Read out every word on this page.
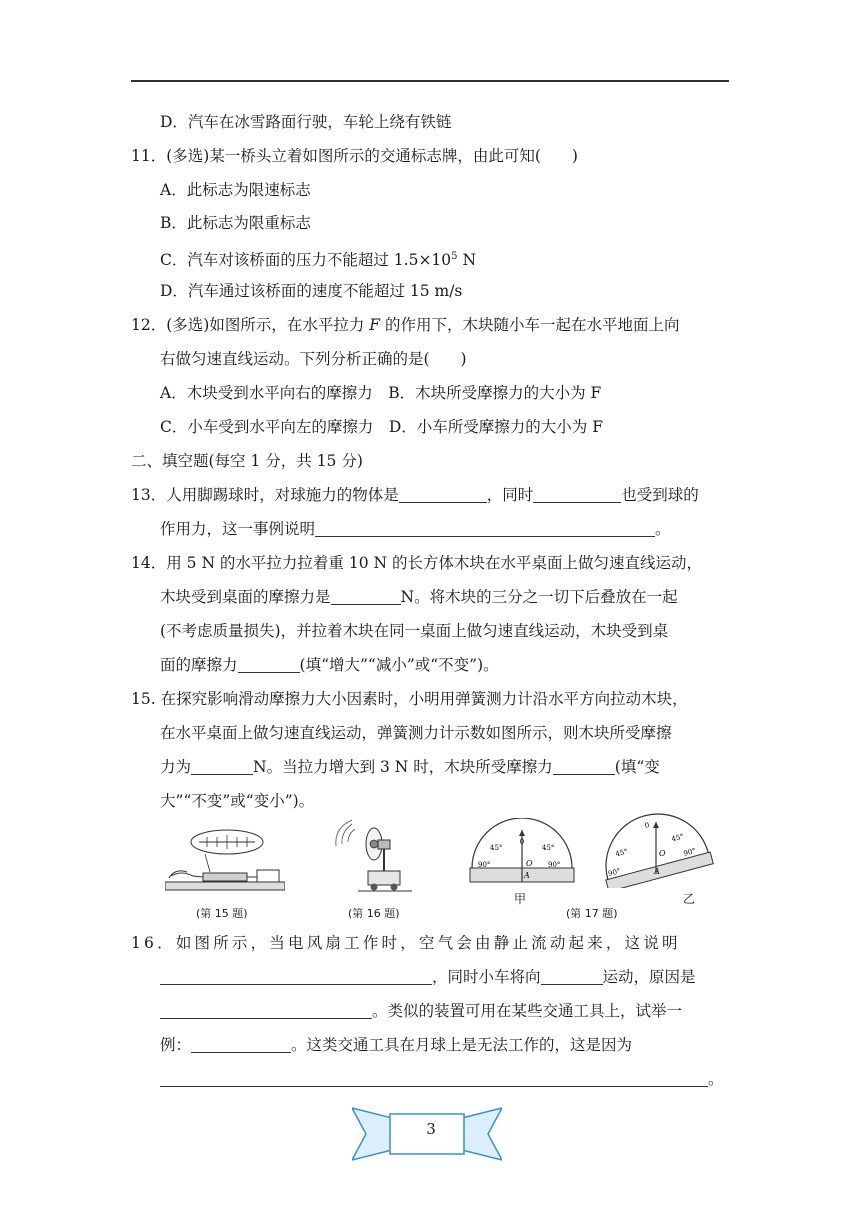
D．汽车在冰雪路面行驶，车轮上绕有铁链
11．(多选)某一桥头立着如图所示的交通标志牌，由此可知(　　)
A．此标志为限速标志
B．此标志为限重标志
C．汽车对该桥面的压力不能超过 $1.5\times 10^5$ N
D．汽车通过该桥面的速度不能超过 15 m/s
12．(多选)如图所示，在水平拉力 F 的作用下，木块随小车一起在水平地面上向
右做匀速直线运动。下列分析正确的是(　　)
A．木块受到水平向右的摩擦力　B．木块所受摩擦力的大小为 F
C．小车受到水平向左的摩擦力　D．小车所受摩擦力的大小为 F
二、填空题(每空 1 分，共 15 分)
13．人用脚踢球时，对球施力的物体是	，同时	也受到球的
作用力，这一事例说明	。
14．用 5 N 的水平拉力拉着重 10 N 的长方体木块在水平桌面上做匀速直线运动，
木块受到桌面的摩擦力是	N。将木块的三分之一切下后叠放在一起
(不考虑质量损失)，并拉着木块在同一桌面上做匀速直线运动，木块受到桌
面的摩擦力	(填“增大”“减小”或“不变”)。
15. 在探究影响滑动摩擦力大小因素时，小明用弹簧测力计沿水平方向拉动木块，
在水平桌面上做匀速直线运动，弹簧测力计示数如图所示，则木块所受摩擦
力为	N。当拉力增大到 3 N 时，木块所受摩擦力	(填“变
大”“不变”或“变小”)。
(第 15 题)	(第 16 题)
0
45°	45°
90°	90°
O
A
甲
0
45°
45°
90°
90°
O
A
(第 17 题)
乙
16．如图所示，当电风扇工作时，空气会由静止流动起来，这说明
，同时小车将向	运动，原因是
。类似的装置可用在某些交通工具上，试举一
例：	。这类交通工具在月球上是无法工作的，这是因为
。
3
